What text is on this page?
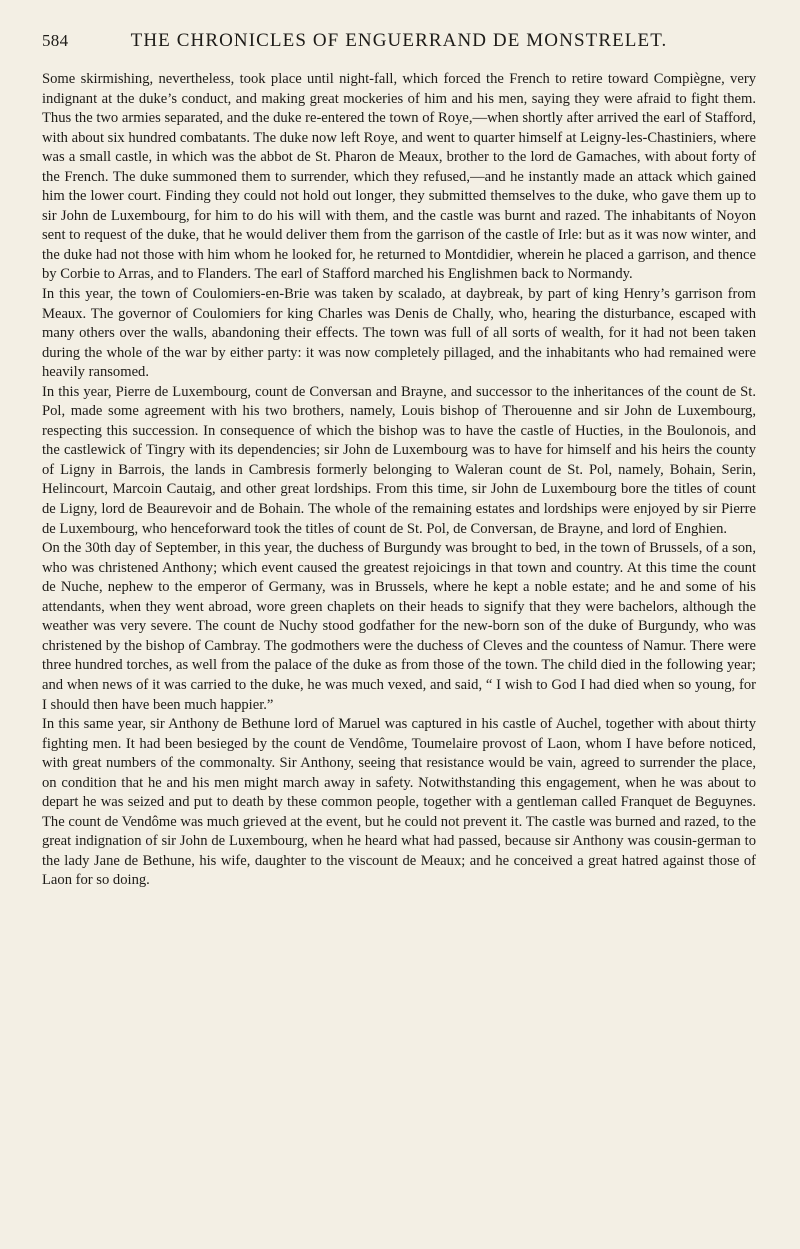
584	THE CHRONICLES OF ENGUERRAND DE MONSTRELET.

Some skirmishing, nevertheless, took place until night-fall, which forced the French to retire toward Compiègne, very indignant at the duke’s conduct, and making great mockeries of him and his men, saying they were afraid to fight them. Thus the two armies separated, and the duke re-entered the town of Roye,—when shortly after arrived the earl of Stafford, with about six hundred combatants. The duke now left Roye, and went to quarter himself at Leigny-les-Chastiniers, where was a small castle, in which was the abbot de St. Pharon de Meaux, brother to the lord de Gamaches, with about forty of the French. The duke summoned them to surrender, which they refused,—and he instantly made an attack which gained him the lower court. Finding they could not hold out longer, they submitted themselves to the duke, who gave them up to sir John de Luxembourg, for him to do his will with them, and the castle was burnt and razed. The inhabitants of Noyon sent to request of the duke, that he would deliver them from the garrison of the castle of Irle: but as it was now winter, and the duke had not those with him whom he looked for, he returned to Montdidier, wherein he placed a garrison, and thence by Corbie to Arras, and to Flanders. The earl of Stafford marched his Englishmen back to Normandy.

In this year, the town of Coulomiers-en-Brie was taken by scalado, at daybreak, by part of king Henry’s garrison from Meaux. The governor of Coulomiers for king Charles was Denis de Chally, who, hearing the disturbance, escaped with many others over the walls, abandoning their effects. The town was full of all sorts of wealth, for it had not been taken during the whole of the war by either party: it was now completely pillaged, and the inhabitants who had remained were heavily ransomed.

In this year, Pierre de Luxembourg, count de Conversan and Brayne, and successor to the inheritances of the count de St. Pol, made some agreement with his two brothers, namely, Louis bishop of Therouenne and sir John de Luxembourg, respecting this succession. In consequence of which the bishop was to have the castle of Hucties, in the Boulonois, and the castlewick of Tingry with its dependencies; sir John de Luxembourg was to have for himself and his heirs the county of Ligny in Barrois, the lands in Cambresis formerly belonging to Waleran count de St. Pol, namely, Bohain, Serin, Helincourt, Marcoin Cautaig, and other great lordships. From this time, sir John de Luxembourg bore the titles of count de Ligny, lord de Beaurevoir and de Bohain. The whole of the remaining estates and lordships were enjoyed by sir Pierre de Luxembourg, who henceforward took the titles of count de St. Pol, de Conversan, de Brayne, and lord of Enghien.

On the 30th day of September, in this year, the duchess of Burgundy was brought to bed, in the town of Brussels, of a son, who was christened Anthony; which event caused the greatest rejoicings in that town and country. At this time the count de Nuche, nephew to the emperor of Germany, was in Brussels, where he kept a noble estate; and he and some of his attendants, when they went abroad, wore green chaplets on their heads to signify that they were bachelors, although the weather was very severe. The count de Nuchy stood godfather for the new-born son of the duke of Burgundy, who was christened by the bishop of Cambray. The godmothers were the duchess of Cleves and the countess of Namur. There were three hundred torches, as well from the palace of the duke as from those of the town. The child died in the following year; and when news of it was carried to the duke, he was much vexed, and said, “ I wish to God I had died when so young, for I should then have been much happier.”

In this same year, sir Anthony de Bethune lord of Maruel was captured in his castle of Auchel, together with about thirty fighting men. It had been besieged by the count de Vendôme, Toumelaire provost of Laon, whom I have before noticed, with great numbers of the commonalty. Sir Anthony, seeing that resistance would be vain, agreed to surrender the place, on condition that he and his men might march away in safety. Notwithstanding this engagement, when he was about to depart he was seized and put to death by these common people, together with a gentleman called Franquet de Beguynes. The count de Vendôme was much grieved at the event, but he could not prevent it. The castle was burned and razed, to the great indignation of sir John de Luxembourg, when he heard what had passed, because sir Anthony was cousin-german to the lady Jane de Bethune, his wife, daughter to the viscount de Meaux; and he conceived a great hatred against those of Laon for so doing.
